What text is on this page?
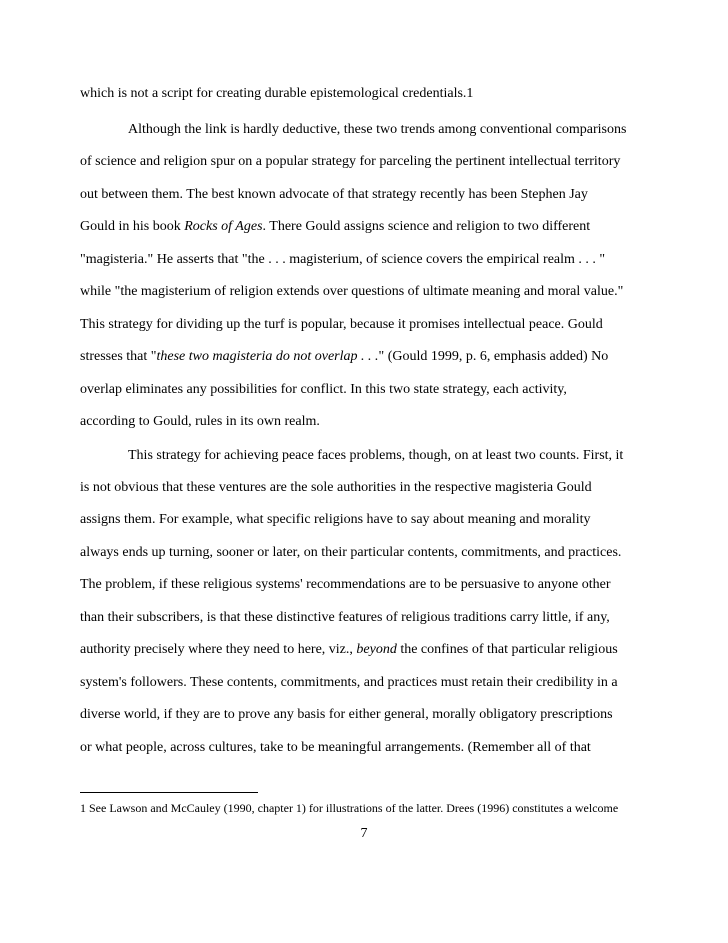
which is not a script for creating durable epistemological credentials.1

Although the link is hardly deductive, these two trends among conventional comparisons

of science and religion spur on a popular strategy for parceling the pertinent intellectual territory

out between them. The best known advocate of that strategy recently has been Stephen Jay

Gould in his book Rocks of Ages. There Gould assigns science and religion to two different

"magisteria." He asserts that "the . . . magisterium, of science covers the empirical realm . . . "

while "the magisterium of religion extends over questions of ultimate meaning and moral value."

This strategy for dividing up the turf is popular, because it promises intellectual peace. Gould

stresses that "these two magisteria do not overlap . . ." (Gould 1999, p. 6, emphasis added) No

overlap eliminates any possibilities for conflict. In this two state strategy, each activity,

according to Gould, rules in its own realm.

This strategy for achieving peace faces problems, though, on at least two counts. First, it

is not obvious that these ventures are the sole authorities in the respective magisteria Gould

assigns them. For example, what specific religions have to say about meaning and morality

always ends up turning, sooner or later, on their particular contents, commitments, and practices.

The problem, if these religious systems' recommendations are to be persuasive to anyone other

than their subscribers, is that these distinctive features of religious traditions carry little, if any,

authority precisely where they need to here, viz., beyond the confines of that particular religious

system's followers. These contents, commitments, and practices must retain their credibility in a

diverse world, if they are to prove any basis for either general, morally obligatory prescriptions

or what people, across cultures, take to be meaningful arrangements. (Remember all of that

1 See Lawson and McCauley (1990, chapter 1) for illustrations of the latter. Drees (1996) constitutes a welcome

7
